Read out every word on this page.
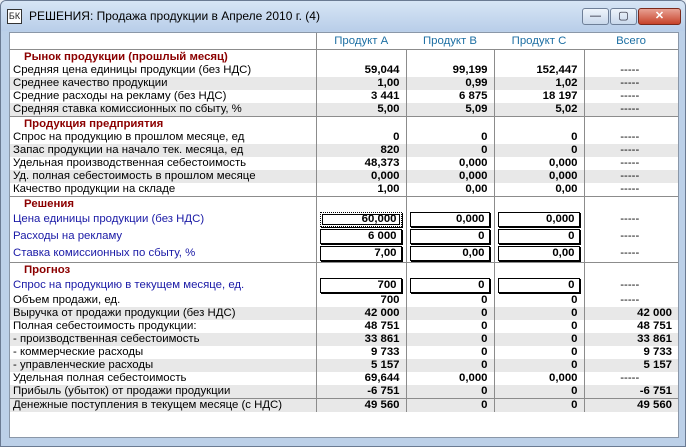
БК РЕШЕНИЯ: Продажа продукции в Апреле 2010 г. (4)	—	▢	✕
	Продукт A	Продукт B	Продукт C	Всего
Рынок продукции (прошлый месяц)				
Средняя цена единицы продукции (без НДС)	59,044	99,199	152,447	-----
Среднее качество продукции	1,00	0,99	1,02	-----
Средние расходы на рекламу (без НДС)	3 441	6 875	18 197	-----
Средняя ставка комиссионных по сбыту, %	5,00	5,09	5,02	-----
Продукция предприятия				
Спрос на продукцию в прошлом месяце, ед	0	0	0	-----
Запас продукции на начало тек. месяца, ед	820	0	0	-----
Удельная производственная себестоимость	48,373	0,000	0,000	-----
Уд. полная себестоимость в прошлом месяце	0,000	0,000	0,000	-----
Качество продукции на складе	1,00	0,00	0,00	-----
Решения				
Цена единицы продукции (без НДС)	60,000	0,000	0,000	-----
Расходы на рекламу	6 000	0	0	-----
Ставка комиссионных по сбыту, %	7,00	0,00	0,00	-----
Прогноз				
Спрос на продукцию в текущем месяце, ед.	700	0	0	-----
Объем продажи, ед.	700	0	0	-----
Выручка от продажи продукции (без НДС)	42 000	0	0	42 000
Полная себестоимость продукции:	48 751	0	0	48 751
- производственная себестоимость	33 861	0	0	33 861
- коммерческие расходы	9 733	0	0	9 733
- управленческие расходы	5 157	0	0	5 157
Удельная полная себестоимость	69,644	0,000	0,000	-----
Прибыль (убыток) от продажи продукции	-6 751	0	0	-6 751
Денежные поступления в текущем месяце (с НДС)	49 560	0	0	49 560
